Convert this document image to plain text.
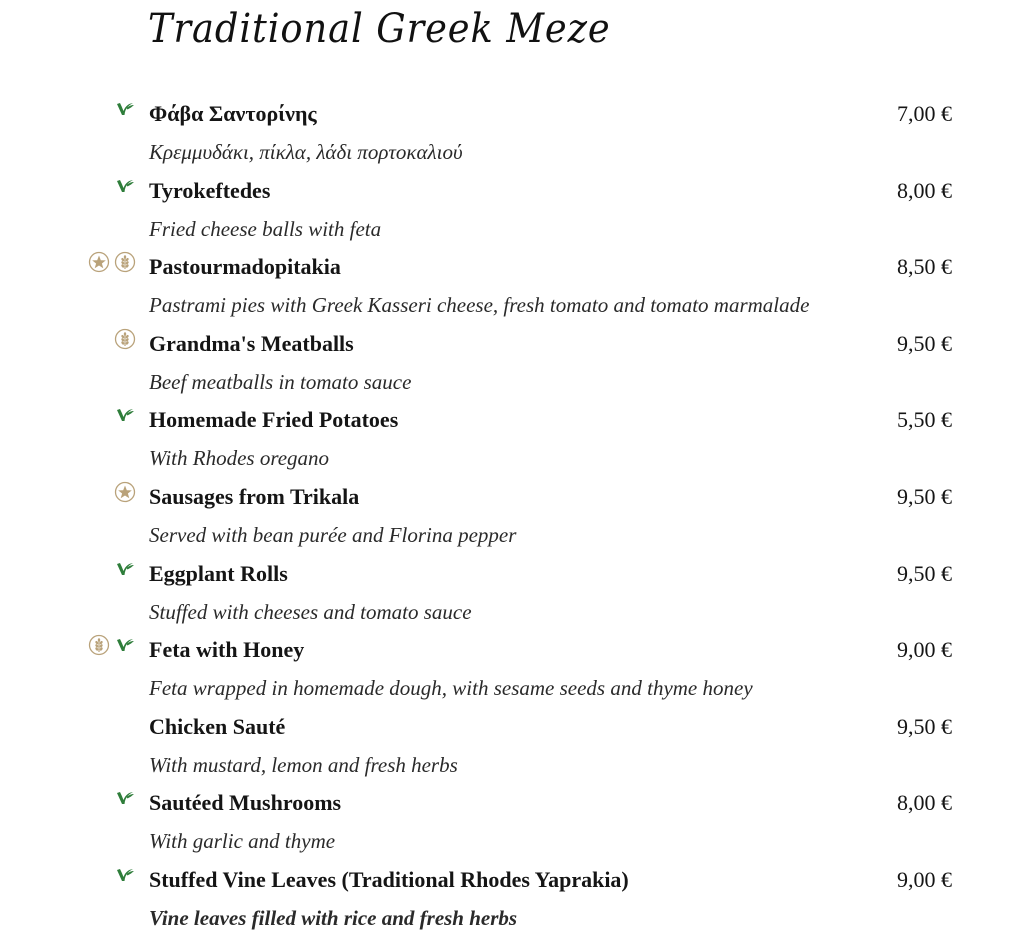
Traditional Greek Meze
Φάβα Σαντορίνης	7,00 €
Κρεμμυδάκι, πίκλα, λάδι πορτοκαλιού
Tyrokeftedes	8,00 €
Fried cheese balls with feta
Pastourmadopitakia	8,50 €
Pastrami pies with Greek Kasseri cheese, fresh tomato and tomato marmalade
Grandma's Meatballs	9,50 €
Beef meatballs in tomato sauce
Homemade Fried Potatoes	5,50 €
With Rhodes oregano
Sausages from Trikala	9,50 €
Served with bean purée and Florina pepper
Eggplant Rolls	9,50 €
Stuffed with cheeses and tomato sauce
Feta with Honey	9,00 €
Feta wrapped in homemade dough, with sesame seeds and thyme honey
Chicken Sauté	9,50 €
With mustard, lemon and fresh herbs
Sautéed Mushrooms	8,00 €
With garlic and thyme
Stuffed Vine Leaves (Traditional Rhodes Yaprakia)	9,00 €
Vine leaves filled with rice and fresh herbs
